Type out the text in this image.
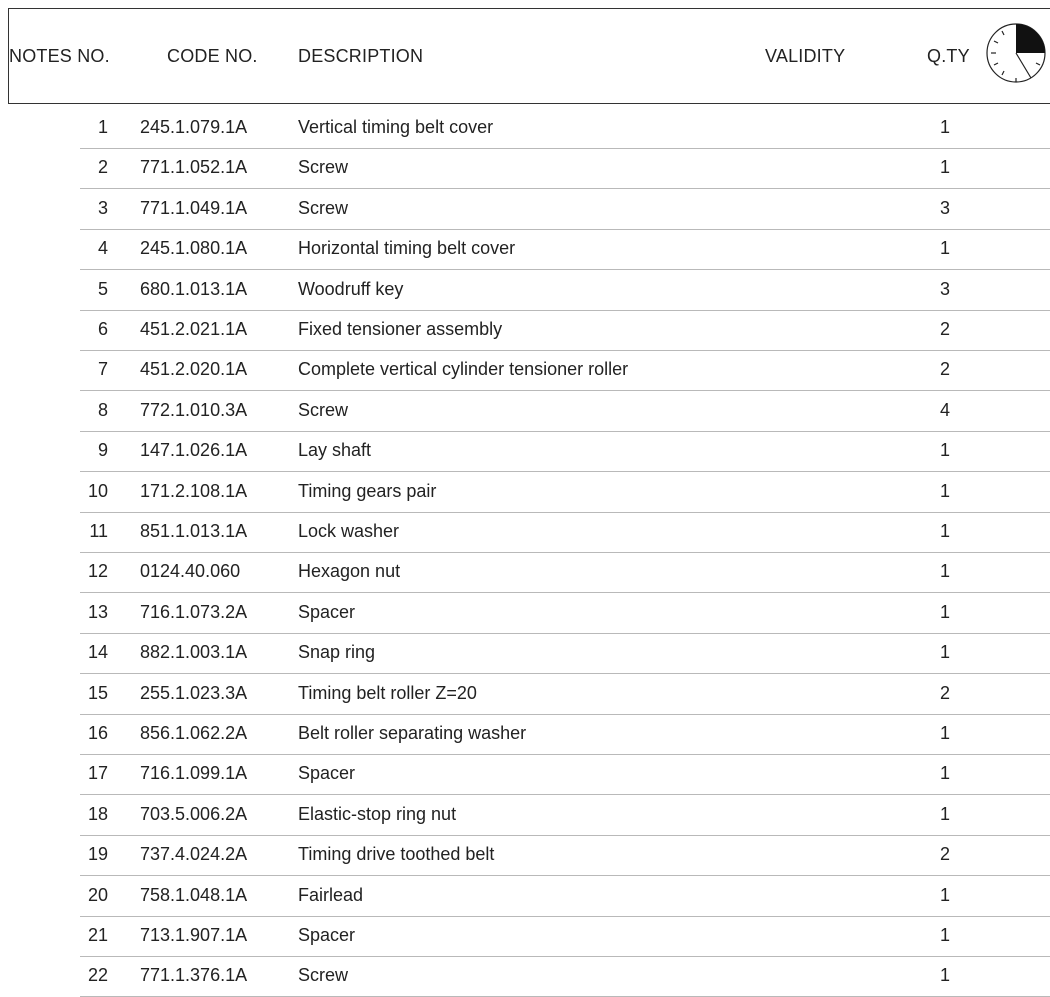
NOTES NO.	CODE NO. DESCRIPTION	VALIDITY	Q.TY
1 245.1.079.1A	Vertical timing belt cover	1
2 771.1.052.1A	Screw	1
3 771.1.049.1A	Screw	3
4 245.1.080.1A	Horizontal timing belt cover	1
5 680.1.013.1A	Woodruff key	3
6 451.2.021.1A	Fixed tensioner assembly	2
7 451.2.020.1A	Complete vertical cylinder tensioner roller	2
8 772.1.010.3A	Screw	4
9 147.1.026.1A	Lay shaft	1
10 171.2.108.1A	Timing gears pair	1
11 851.1.013.1A	Lock washer	1
12 0124.40.060	Hexagon nut	1
13 716.1.073.2A	Spacer	1
14 882.1.003.1A	Snap ring	1
15 255.1.023.3A	Timing belt roller Z=20	2
16 856.1.062.2A	Belt roller separating washer	1
17 716.1.099.1A	Spacer	1
18 703.5.006.2A	Elastic-stop ring nut	1
19 737.4.024.2A	Timing drive toothed belt	2
20 758.1.048.1A	Fairlead	1
21 713.1.907.1A	Spacer	1
22 771.1.376.1A	Screw	1
